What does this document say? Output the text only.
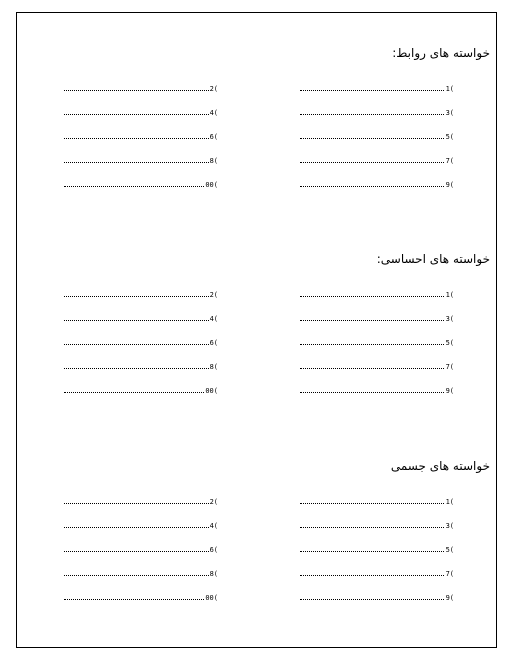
خواسته های روابط:
1(
3(
5(
7(
9(
2(
4(
6(
8(
00(
خواسته های احساسی:
1(
3(
5(
7(
9(
2(
4(
6(
8(
00(
خواسته های جسمی
1(
3(
5(
7(
9(
2(
4(
6(
8(
00(
